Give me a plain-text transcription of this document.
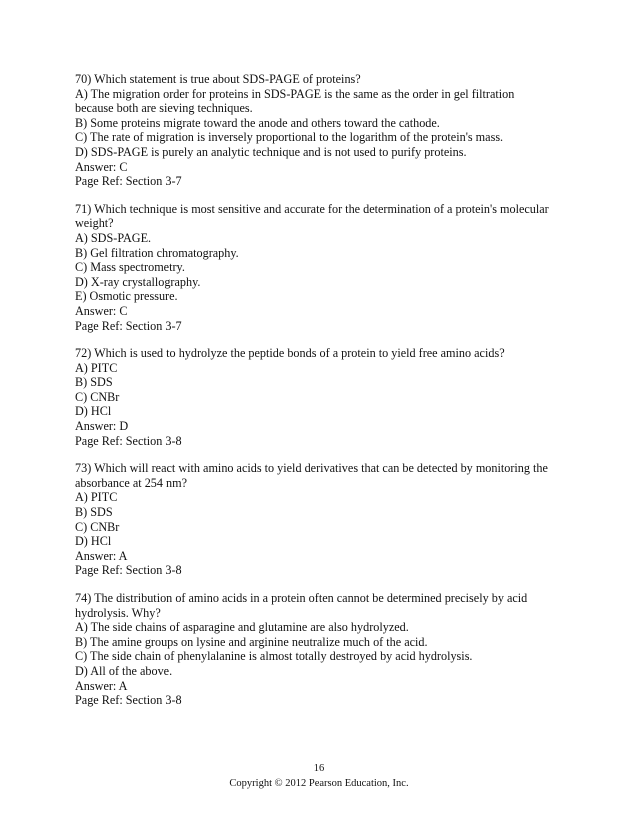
70) Which statement is true about SDS-PAGE of proteins?
A) The migration order for proteins in SDS-PAGE is the same as the order in gel filtration
because both are sieving techniques.
B) Some proteins migrate toward the anode and others toward the cathode.
C) The rate of migration is inversely proportional to the logarithm of the protein's mass.
D) SDS-PAGE is purely an analytic technique and is not used to purify proteins.
Answer: C
Page Ref: Section 3-7
71) Which technique is most sensitive and accurate for the determination of a protein's molecular
weight?
A) SDS-PAGE.
B) Gel filtration chromatography.
C) Mass spectrometry.
D) X-ray crystallography.
E) Osmotic pressure.
Answer: C
Page Ref: Section 3-7
72) Which is used to hydrolyze the peptide bonds of a protein to yield free amino acids?
A) PITC
B) SDS
C) CNBr
D) HCl
Answer: D
Page Ref: Section 3-8
73) Which will react with amino acids to yield derivatives that can be detected by monitoring the
absorbance at 254 nm?
A) PITC
B) SDS
C) CNBr
D) HCl
Answer: A
Page Ref: Section 3-8
74) The distribution of amino acids in a protein often cannot be determined precisely by acid
hydrolysis. Why?
A) The side chains of asparagine and glutamine are also hydrolyzed.
B) The amine groups on lysine and arginine neutralize much of the acid.
C) The side chain of phenylalanine is almost totally destroyed by acid hydrolysis.
D) All of the above.
Answer: A
Page Ref: Section 3-8
16
Copyright © 2012 Pearson Education, Inc.
